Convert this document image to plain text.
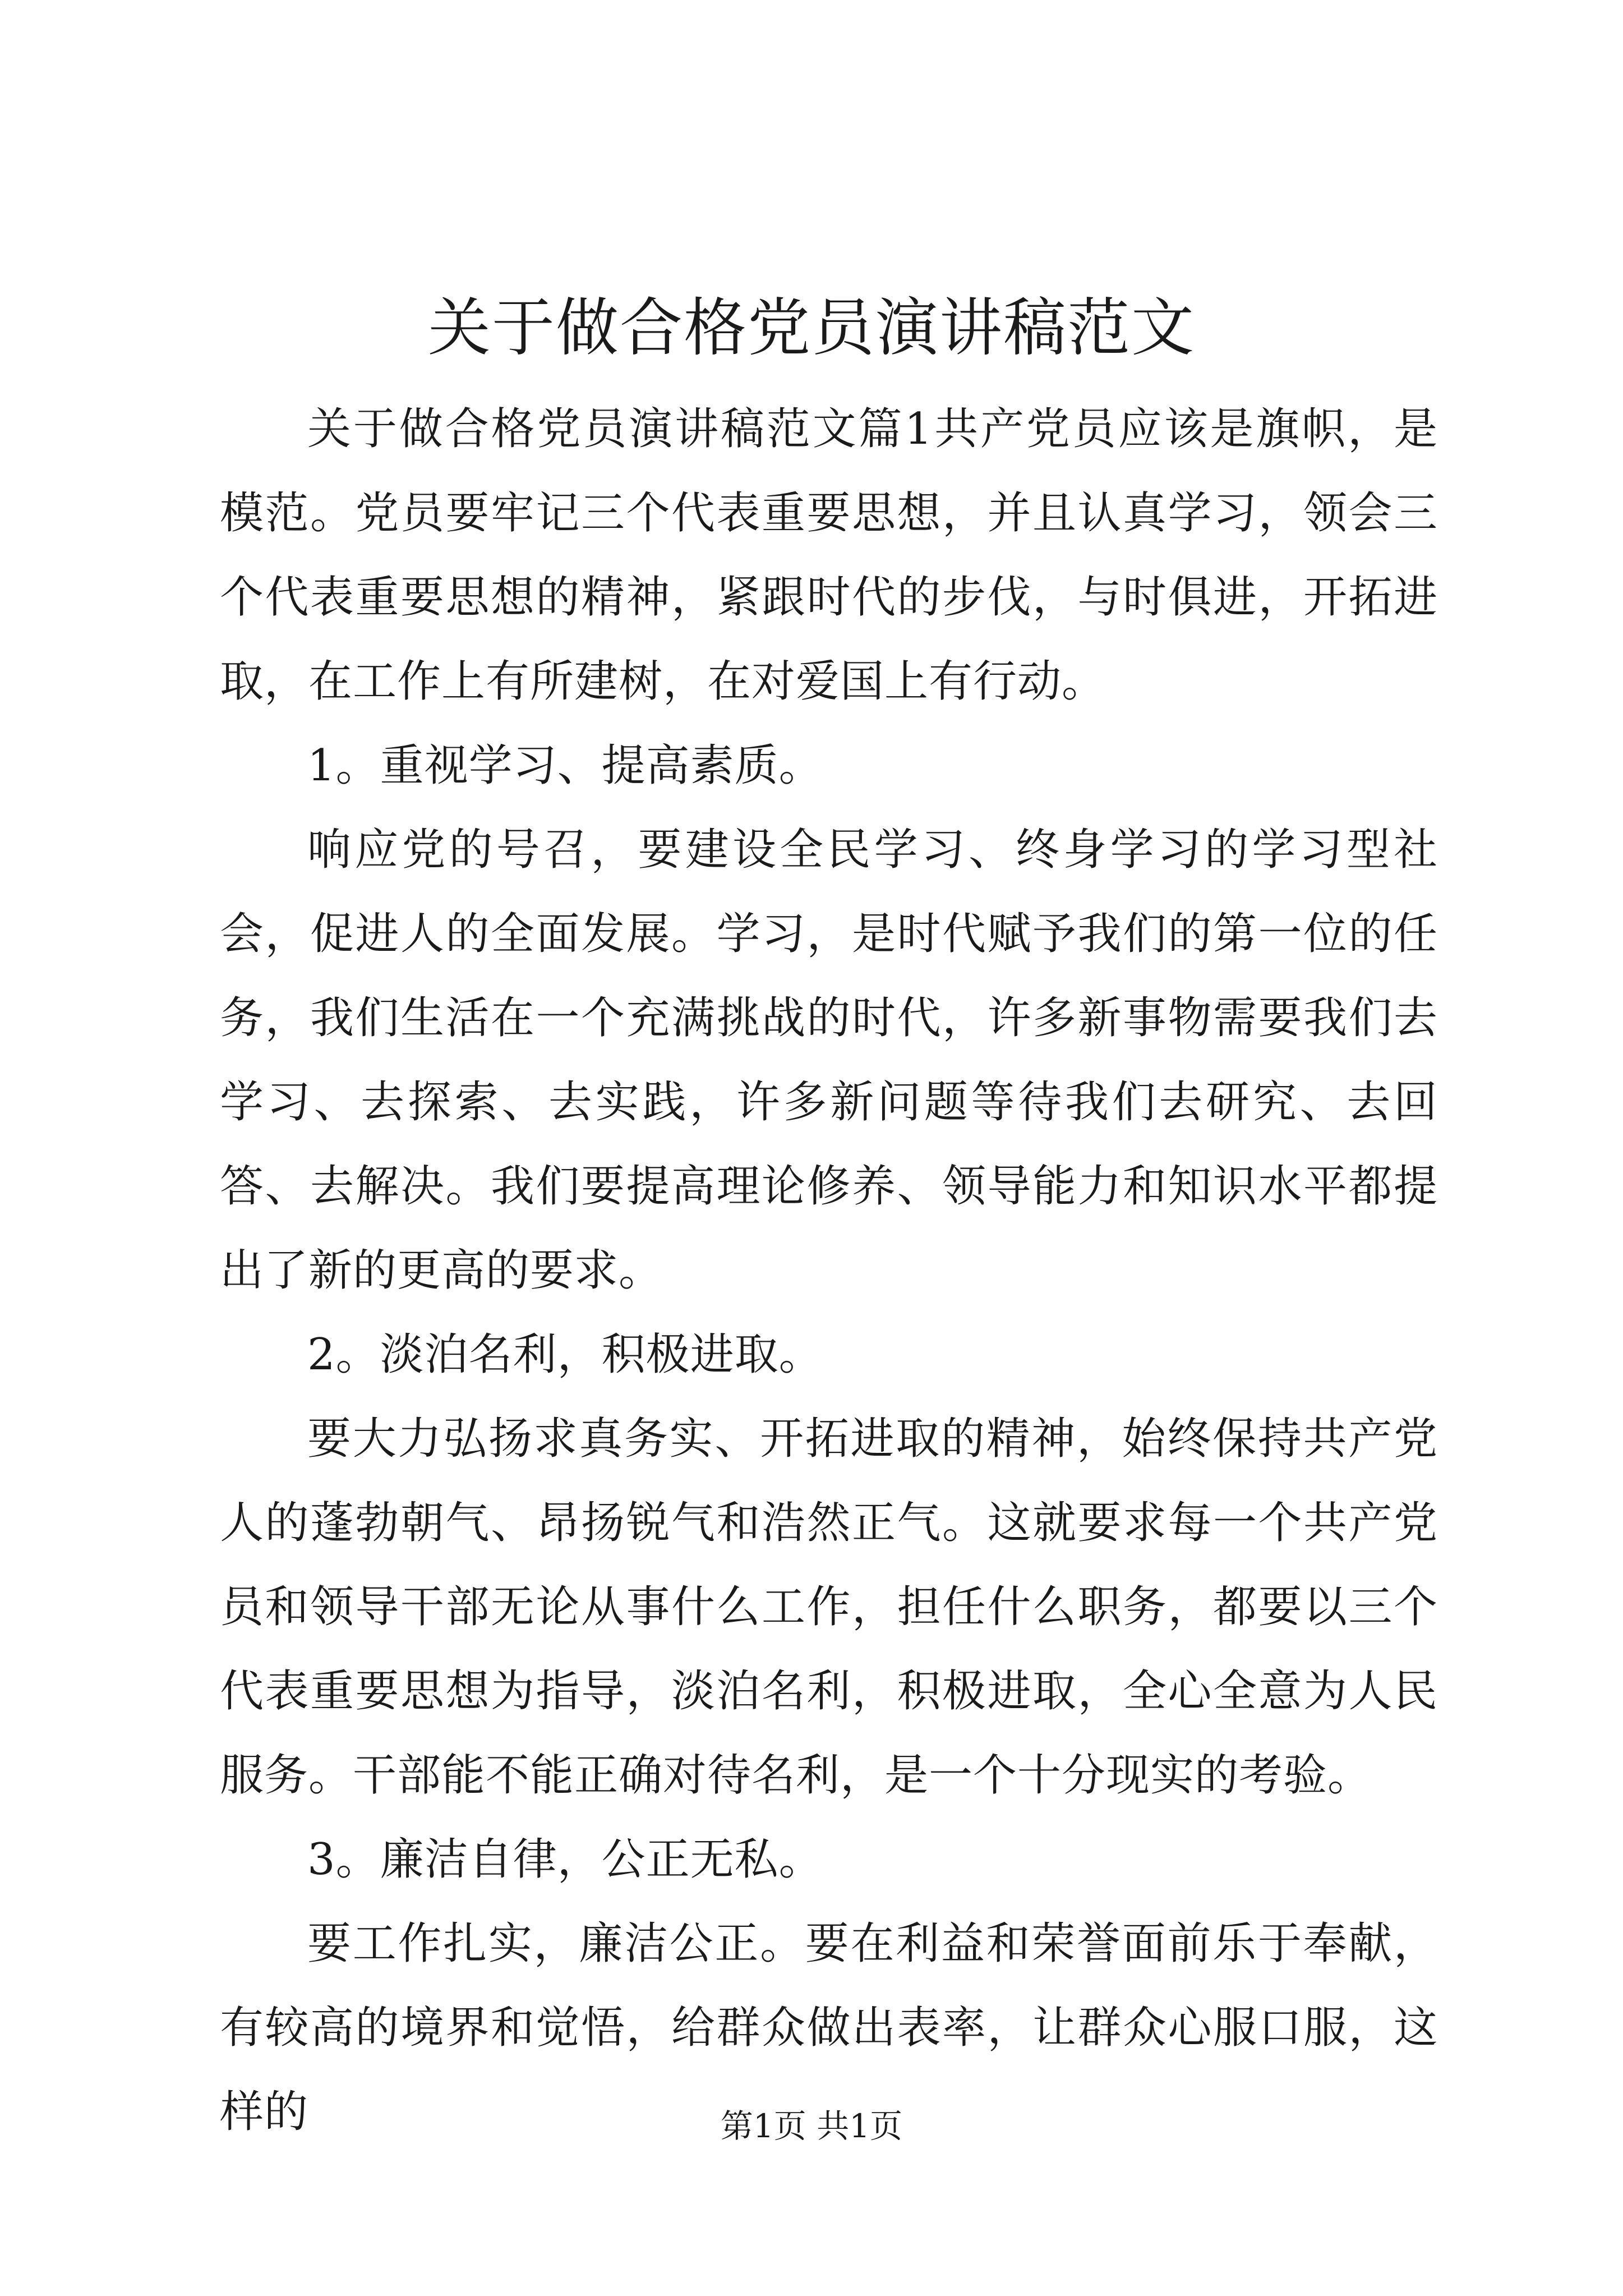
关于做合格党员演讲稿范文

关于做合格党员演讲稿范文篇1共产党员应该是旗帜，是模范。党员要牢记三个代表重要思想，并且认真学习，领会三个代表重要思想的精神，紧跟时代的步伐，与时俱进，开拓进取，在工作上有所建树，在对爱国上有行动。

1。重视学习、提高素质。

响应党的号召，要建设全民学习、终身学习的学习型社会，促进人的全面发展。学习，是时代赋予我们的第一位的任务，我们生活在一个充满挑战的时代，许多新事物需要我们去学习、去探索、去实践，许多新问题等待我们去研究、去回答、去解决。我们要提高理论修养、领导能力和知识水平都提出了新的更高的要求。

2。淡泊名利，积极进取。

要大力弘扬求真务实、开拓进取的精神，始终保持共产党人的蓬勃朝气、昂扬锐气和浩然正气。这就要求每一个共产党员和领导干部无论从事什么工作，担任什么职务，都要以三个代表重要思想为指导，淡泊名利，积极进取，全心全意为人民服务。干部能不能正确对待名利，是一个十分现实的考验。

3。廉洁自律，公正无私。

要工作扎实，廉洁公正。要在利益和荣誉面前乐于奉献，有较高的境界和觉悟，给群众做出表率，让群众心服口服，这样的	第1页 共1页
